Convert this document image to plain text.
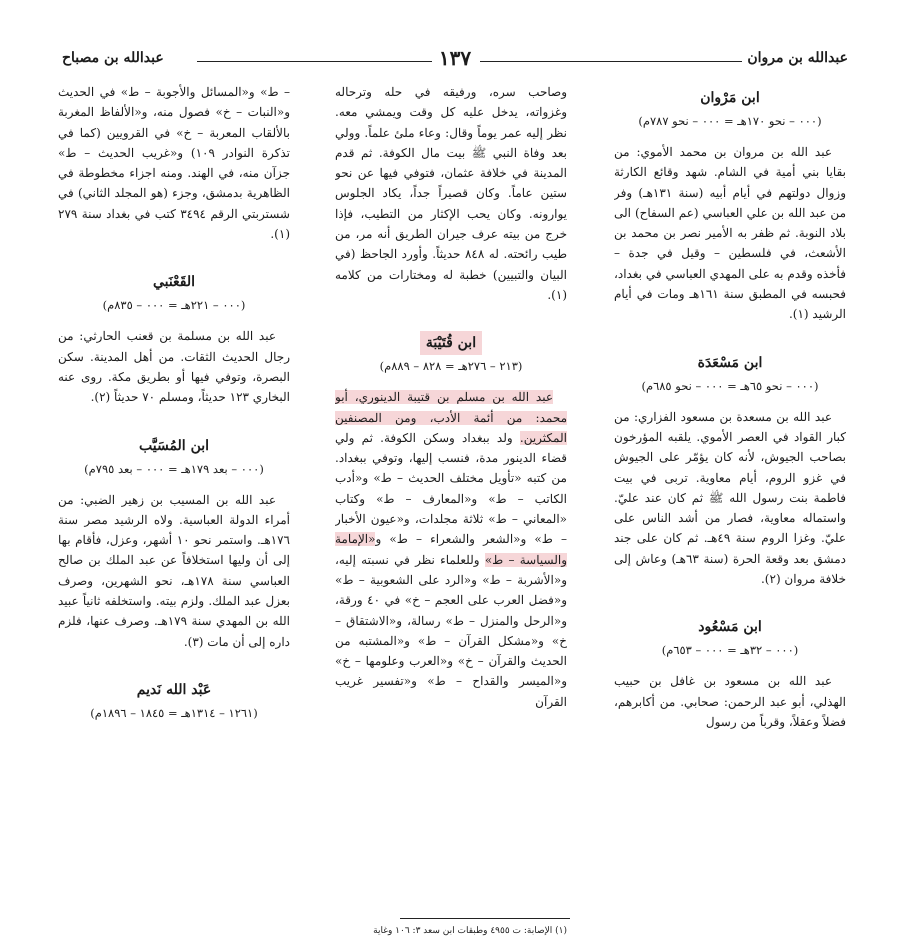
عبدالله بن مصباح	١٣٧	عبدالله بن مروان
ابن مَرْوان
(٠٠٠ – نحو ١٧٠هـ = ٠٠٠ – نحو ٧٨٧م)
عبد الله بن مروان بن محمد الأموي: من بقايا بني أمية في الشام. شهد وقائع الكارثة وزوال دولتهم في أيام أبيه (سنة ١٣١هـ) وفر من عبد الله بن علي العباسي (عم السفاح) الى بلاد النوبة. ثم ظفر به الأمير نصر بن محمد بن الأشعث، في فلسطين – وقيل في جدة – فأخذه وقدم به على المهدي العباسي في بغداد، فحبسه في المطبق سنة ١٦١هـ ومات في أيام الرشيد (١).
ابن مَسْعَدَة
(٠٠٠ – نحو ٦٥هـ = ٠٠٠ – نحو ٦٨٥م)
عبد الله بن مسعدة بن مسعود الفزاري: من كبار القواد في العصر الأموي. يلقبه المؤرخون بصاحب الجيوش، لأنه كان يؤمّر على الجيوش في غزو الروم، أيام معاوية. تربى في بيت فاطمة بنت رسول الله ﷺ ثم كان عند عليّ. واستماله معاوية، فصار من أشد الناس على عليّ. وغزا الروم سنة ٤٩هـ. ثم كان على جند دمشق بعد وقعة الحرة (سنة ٦٣هـ) وعاش إلى خلافة مروان (٢).
ابن مَسْعُود
(٠٠٠ – ٣٢هـ = ٠٠٠ – ٦٥٣م)
عبد الله بن مسعود بن غافل بن حبيب الهذلي، أبو عبد الرحمن: صحابي. من أكابرهم، فضلاً وعقلاً، وقرباً من رسول
وصاحب سره، ورفيقه في حله وترحاله وغزواته، يدخل عليه كل وقت ويمشي معه. نظر إليه عمر يوماً وقال: وعاء ملئ علماً. وولي بعد وفاة النبي ﷺ بيت مال الكوفة. ثم قدم المدينة في خلافة عثمان، فتوفي فيها عن نحو ستين عاماً. وكان قصيراً جداً، يكاد الجلوس يوارونه. وكان يحب الإكثار من التطيب، فإذا خرج من بيته عرف جيران الطريق أنه مر، من طيب رائحته. له ٨٤٨ حديثاً. وأورد الجاحظ (في البيان والتبيين) خطبة له ومختارات من كلامه (١).
ابن قُتَيْبَة
(٢١٣ – ٢٧٦هـ = ٨٢٨ – ٨٨٩م)
عبد الله بن مسلم بن قتيبة الدينوري، أبو محمد: من أئمة الأدب، ومن المصنفين المكثرين. ولد ببغداد وسكن الكوفة. ثم ولي قضاء الدينور مدة، فنسب إليها، وتوفي ببغداد. من كتبه «تأويل مختلف الحديث – ط» و«أدب الكاتب – ط» و«المعارف – ط» وكتاب «المعاني – ط» ثلاثة مجلدات، و«عيون الأخبار – ط» و«الشعر والشعراء – ط» و«الإمامة والسياسة – ط» وللعلماء نظر في نسبته إليه، و«الأشربة – ط» و«الرد على الشعوبية – ط» و«فضل العرب على العجم – خ» في ٤٠ ورقة، و«الرحل والمنزل – ط» رسالة، و«الاشتقاق – خ» و«مشكل القرآن – ط» و«المشتبه من الحديث والقرآن – خ» و«العرب وعلومها – خ» و«الميسر والقداح – ط» و«تفسير غريب القرآن
(١) الإصابة: ت ٤٩٥٥ وطبقات ابن سعد ٣: ١٠٦ وغاية
– ط» و«المسائل والأجوبة – ط» في الحديث و«النبات – خ» فصول منه، و«الألفاظ المغربة بالألقاب المعربة – خ» في القرويين (كما في تذكرة النوادر ١٠٩) و«غريب الحديث – ط» جزآن منه، في الهند. ومنه اجزاء مخطوطة في الظاهرية بدمشق، وجزء (هو المجلد الثاني) في شستربتي الرقم ٣٤٩٤ كتب في بغداد سنة ٢٧٩ (١).
القَعْنَبي
(٠٠٠ – ٢٢١هـ = ٠٠٠ – ٨٣٥م)
عبد الله بن مسلمة بن قعنب الحارثي: من رجال الحديث الثقات. من أهل المدينة. سكن البصرة، وتوفي فيها أو بطريق مكة. روى عنه البخاري ١٢٣ حديثاً، ومسلم ٧٠ حديثاً (٢).
ابن المُسَيَّب
(٠٠٠ – بعد ١٧٩هـ = ٠٠٠ – بعد ٧٩٥م)
عبد الله بن المسيب بن زهير الضبي: من أمراء الدولة العباسية. ولاه الرشيد مصر سنة ١٧٦هـ. واستمر نحو ١٠ أشهر، وعزل، فأقام بها إلى أن وليها استخلافاً عن عبد الملك بن صالح العباسي سنة ١٧٨هـ، نحو الشهرين، وصرف بعزل عبد الملك. ولزم بيته. واستخلفه ثانياً عبيد الله بن المهدي سنة ١٧٩هـ. وصرف عنها، فلزم داره إلى أن مات (٣).
عَبْد الله نَديم
(١٢٦١ – ١٣١٤هـ = ١٨٤٥ – ١٨٩٦م)
